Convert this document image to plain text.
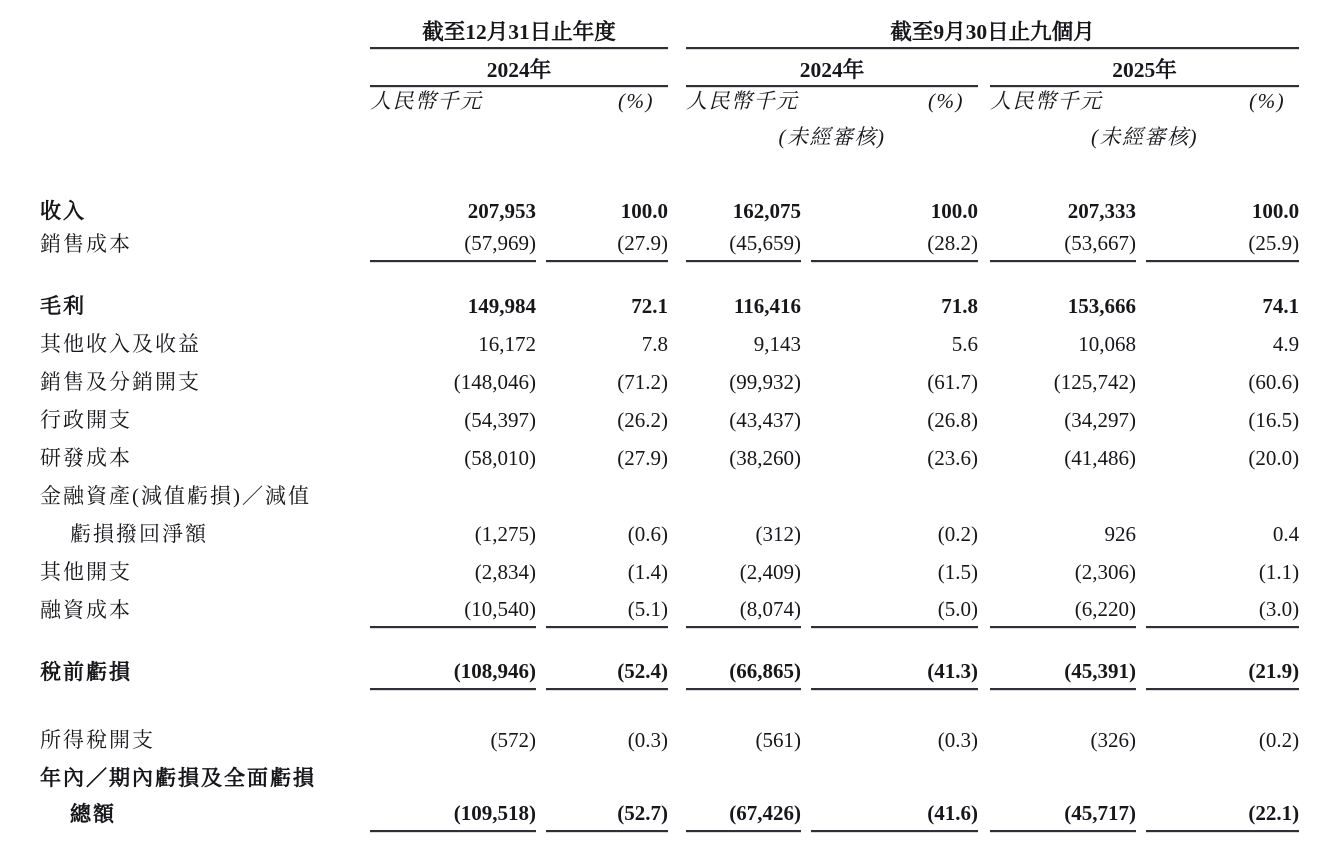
	截至12月31日止年度				截至9月30日止九個月						
	2024年				2024年				2025年		
	人民幣千元		(%)		人民幣千元		(%)		人民幣千元		(%)
					(未經審核)				(未經審核)		

收入	207,953		100.0		162,075		100.0		207,333		100.0
銷售成本	(57,969)		(27.9)		(45,659)		(28.2)		(53,667)		(25.9)

毛利	149,984		72.1		116,416		71.8		153,666		74.1
其他收入及收益	16,172		7.8		9,143		5.6		10,068		4.9
銷售及分銷開支	(148,046)		(71.2)		(99,932)		(61.7)		(125,742)		(60.6)
行政開支	(54,397)		(26.2)		(43,437)		(26.8)		(34,297)		(16.5)
研發成本	(58,010)		(27.9)		(38,260)		(23.6)		(41,486)		(20.0)
金融資產(減值虧損)／減值											
虧損撥回淨額	(1,275)		(0.6)		(312)		(0.2)		926		0.4
其他開支	(2,834)		(1.4)		(2,409)		(1.5)		(2,306)		(1.1)
融資成本	(10,540)		(5.1)		(8,074)		(5.0)		(6,220)		(3.0)

稅前虧損	(108,946)		(52.4)		(66,865)		(41.3)		(45,391)		(21.9)

所得稅開支	(572)		(0.3)		(561)		(0.3)		(326)		(0.2)
年內／期內虧損及全面虧損											
總額	(109,518)		(52.7)		(67,426)		(41.6)		(45,717)		(22.1)
